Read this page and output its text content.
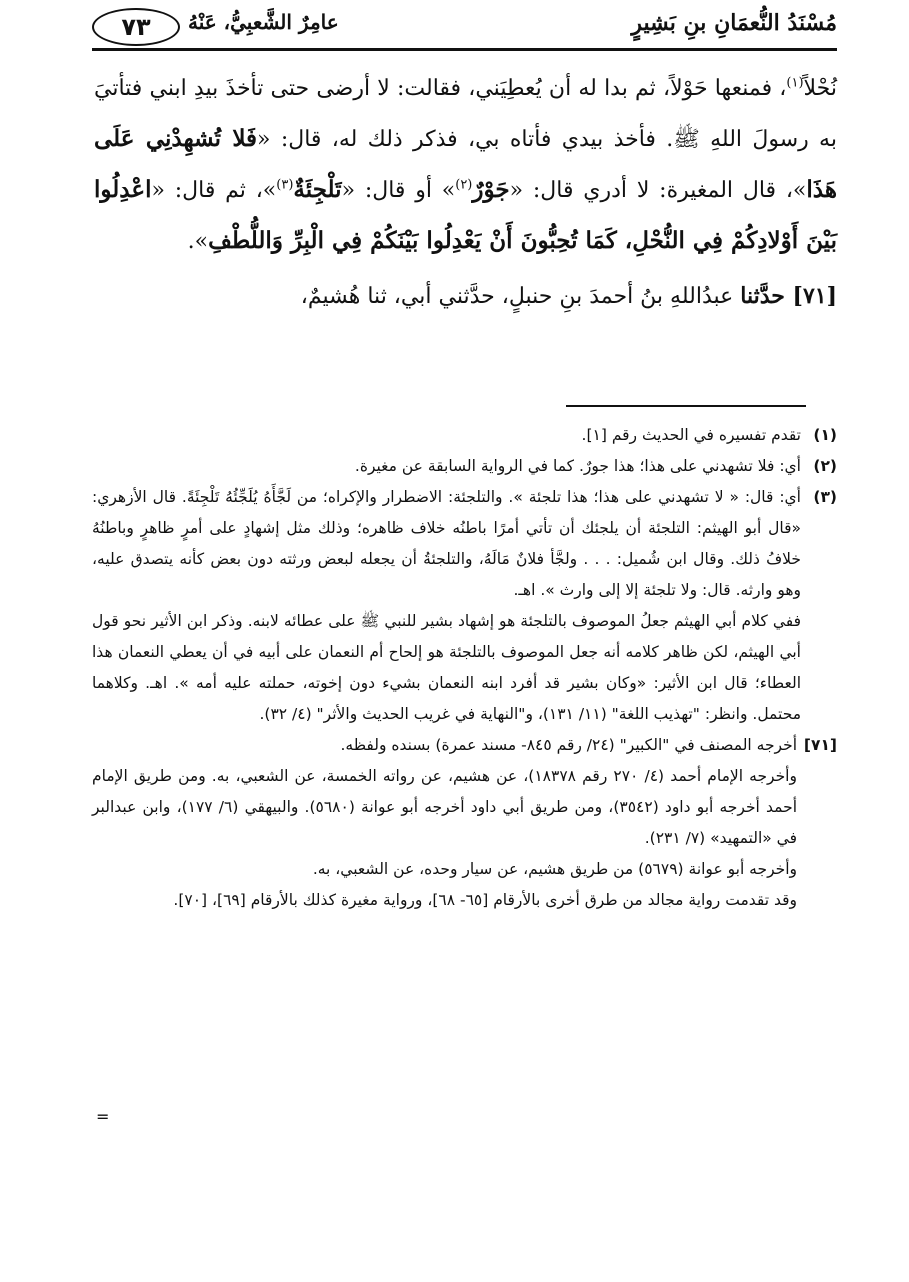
٧٣	عامِرٌ الشَّعبِيُّ، عَنْهُ	مُسْنَدُ النُّعمَانِ بنِ بَشِيرٍ

نُحْلاً$^{(١)}$، فمنعها حَوْلاً، ثم بدا له أن يُعطِيَني، فقالت: لا أرضى حتى تأخذَ بيدِ ابني فتأتيَ به رسولَ اللهِ ﷺ. فأخذ بيدي فأتاه بي، فذكر ذلك له، قال: «فَلا تُشهِدْنِي عَلَى هَذَا»، قال المغيرة: لا أدري قال: «جَوْرٌ$^{(٢)}$» أو قال: «تَلْجِئَةٌ$^{(٣)}$»، ثم قال: «اعْدِلُوا بَيْنَ أَوْلادِكُمْ فِي النُّحْلِ، كَمَا تُحِبُّونَ أَنْ يَعْدِلُوا بَيْنَكُمْ فِي الْبِرِّ وَاللُّطْفِ».

[٧١] حدَّثنا عبدُاللهِ بنُ أحمدَ بنِ حنبلٍ، حدَّثني أبي، ثنا هُشيمٌ،

(١)

تقدم تفسيره في الحديث رقم [١].

(٢)

أي: فلا تشهدني على هذا؛ هذا جورٌ. كما في الرواية السابقة عن مغيرة.

(٣)

أي: قال: « لا تشهدني على هذا؛ هذا تلجئة ». والتلجئة: الاضطرار والإكراه؛ من لَجَّأَهُ يُلَجِّئُهُ تَلْجِئَةً. قال الأزهري: «قال أبو الهيثم: التلجئة أن يلجئك أن تأتي أمرًا باطنُه خلاف ظاهره؛ وذلك مثل إشهادٍ على أمرٍ ظاهرٍ وباطنُهُ خلافُ ذلك. وقال ابن شُميل: . . . ولجَّأ فلانٌ مَالَهُ، والتلجئةُ أن يجعله لبعض ورثته دون بعض كأنه يتصدق عليه، وهو وارثه. قال: ولا تلجئة إلا إلى وارث ». اهـ.

ففي كلام أبي الهيثم جعلُ الموصوف بالتلجئة هو إشهاد بشير للنبي ﷺ على عطائه لابنه. وذكر ابن الأثير نحو قول أبي الهيثم، لكن ظاهر كلامه أنه جعل الموصوف بالتلجئة هو إلحاح أم النعمان على أبيه في أن يعطي النعمان هذا العطاء؛ قال ابن الأثير: «وكان بشير قد أفرد ابنه النعمان بشيء دون إخوته، حملته عليه أمه ». اهـ. وكلاهما محتمل. وانظر: "تهذيب اللغة" (١١/ ١٣١)، و"النهاية في غريب الحديث والأثر" (٤/ ٣٢).

[٧١]

أخرجه المصنف في "الكبير" (٢٤/ رقم ٨٤٥- مسند عمرة) بسنده ولفظه.

وأخرجه الإمام أحمد (٤/ ٢٧٠ رقم ١٨٣٧٨)، عن هشيم، عن رواته الخمسة، عن الشعبي، به. ومن طريق الإمام أحمد أخرجه أبو داود (٣٥٤٢)، ومن طريق أبي داود أخرجه أبو عوانة (٥٦٨٠). والبيهقي (٦/ ١٧٧)، وابن عبدالبر في «التمهيد» (٧/ ٢٣١).

وأخرجه أبو عوانة (٥٦٧٩) من طريق هشيم، عن سيار وحده، عن الشعبي، به.

وقد تقدمت رواية مجالد من طرق أخرى بالأرقام [٦٥- ٦٨]، ورواية مغيرة كذلك بالأرقام [٦٩]، [٧٠].

=
